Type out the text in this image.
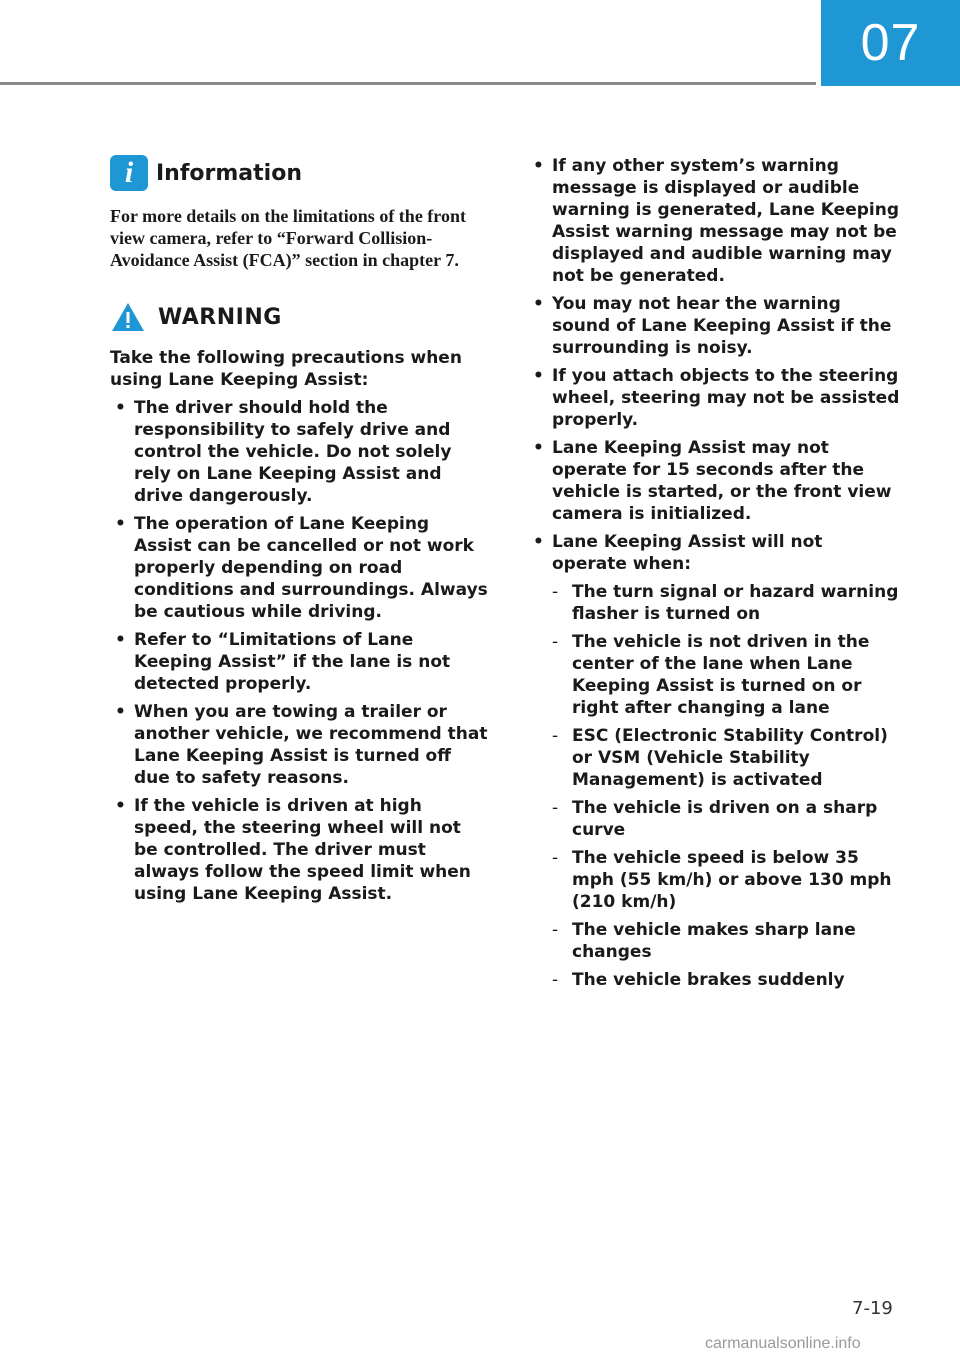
07
i	Information

For more details on the limitations of the front view camera, refer to “Forward Collision-Avoidance Assist (FCA)” section in chapter 7.

WARNING

Take the following precautions when using Lane Keeping Assist:

• The driver should hold the responsibility to safely drive and control the vehicle. Do not solely rely on Lane Keeping Assist and drive dangerously.
• The operation of Lane Keeping Assist can be cancelled or not work properly depending on road conditions and surroundings. Always be cautious while driving.
• Refer to “Limitations of Lane Keeping Assist” if the lane is not detected properly.
• When you are towing a trailer or another vehicle, we recommend that Lane Keeping Assist is turned off due to safety reasons.
• If the vehicle is driven at high speed, the steering wheel will not be controlled. The driver must always follow the speed limit when using Lane Keeping Assist.
• If any other system’s warning message is displayed or audible warning is generated, Lane Keeping Assist warning message may not be displayed and audible warning may not be generated.
• You may not hear the warning sound of Lane Keeping Assist if the surrounding is noisy.
• If you attach objects to the steering wheel, steering may not be assisted properly.
• Lane Keeping Assist may not operate for 15 seconds after the vehicle is started, or the front view camera is initialized.
• Lane Keeping Assist will not operate when:
- The turn signal or hazard warning flasher is turned on
- The vehicle is not driven in the center of the lane when Lane Keeping Assist is turned on or right after changing a lane
- ESC (Electronic Stability Control) or VSM (Vehicle Stability Management) is activated
- The vehicle is driven on a sharp curve
- The vehicle speed is below 35 mph (55 km/h) or above 130 mph (210 km/h)
- The vehicle makes sharp lane changes
- The vehicle brakes suddenly
7-19
carmanualsonline.info
